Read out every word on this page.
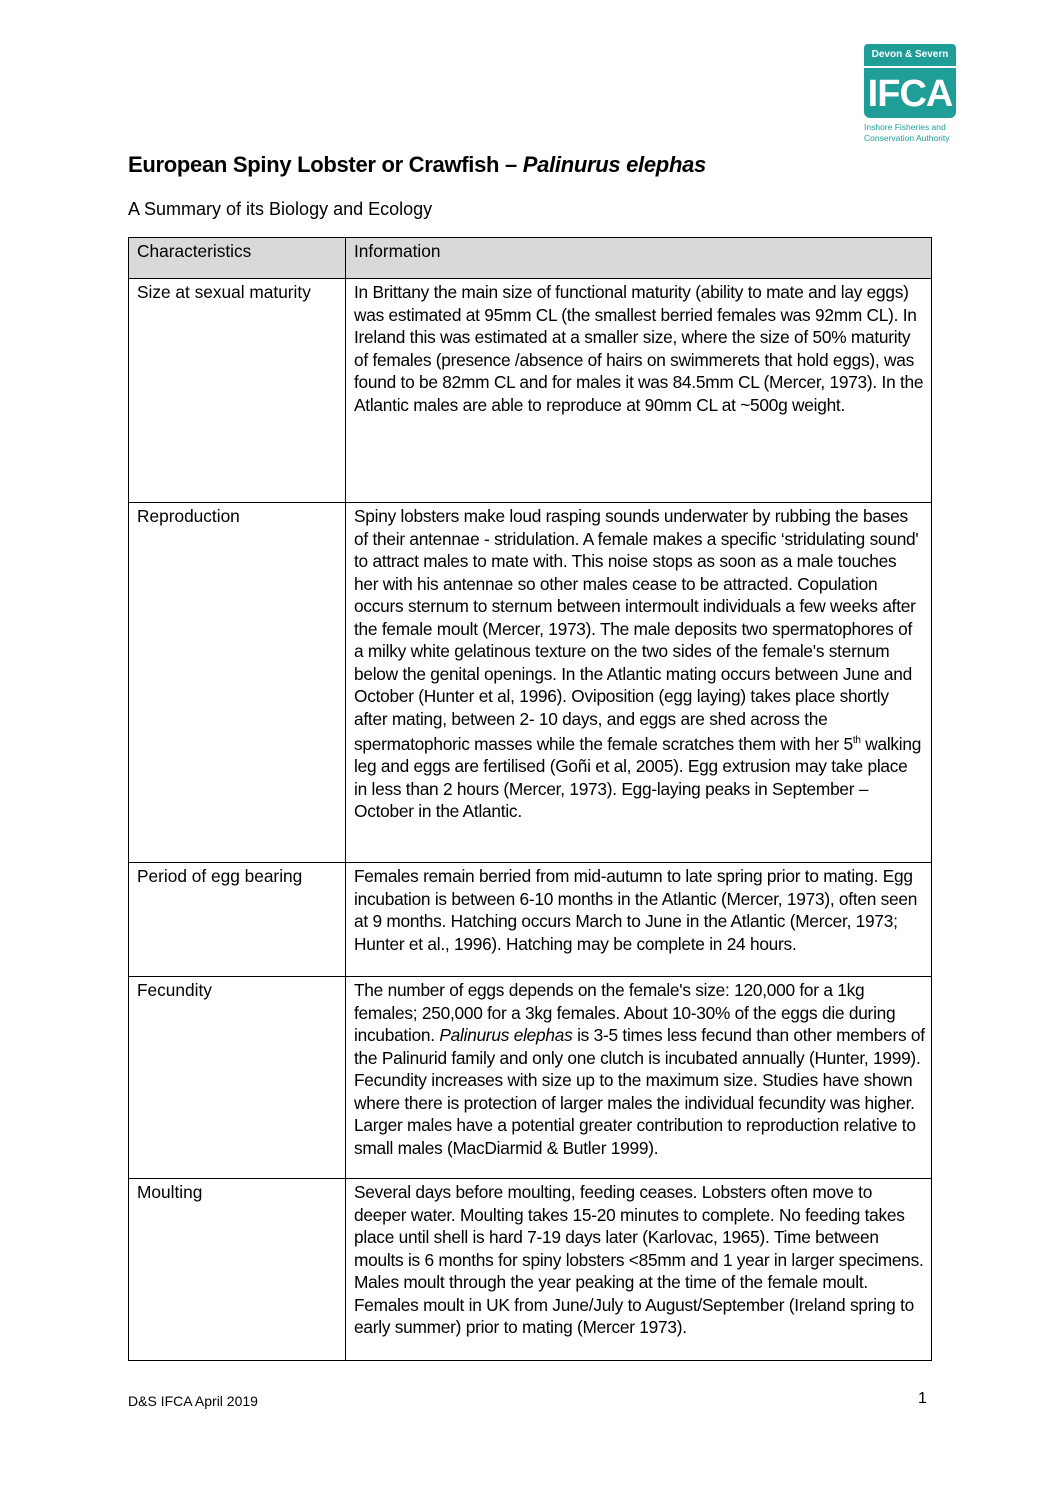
Devon & Severn
IFCA
Inshore Fisheries and
Conservation Authority
European Spiny Lobster or Crawfish – Palinurus elephas
A Summary of its Biology and Ecology
Characteristics	Information
Size at sexual maturity	In Brittany the main size of functional maturity (ability to mate and lay eggs) was estimated at 95mm CL (the smallest berried females was 92mm CL). In Ireland this was estimated at a smaller size, where the size of 50% maturity of females (presence /absence of hairs on swimmerets that hold eggs), was found to be 82mm CL and for males it was 84.5mm CL (Mercer, 1973). In the Atlantic males are able to reproduce at 90mm CL at ~500g weight.
Reproduction	Spiny lobsters make loud rasping sounds underwater by rubbing the bases of their antennae - stridulation. A female makes a specific ‘stridulating sound' to attract males to mate with. This noise stops as soon as a male touches her with his antennae so other males cease to be attracted. Copulation occurs sternum to sternum between intermoult individuals a few weeks after the female moult (Mercer, 1973). The male deposits two spermatophores of a milky white gelatinous texture on the two sides of the female's sternum below the genital openings. In the Atlantic mating occurs between June and October (Hunter et al, 1996). Oviposition (egg laying) takes place shortly after mating, between 2- 10 days, and eggs are shed across the spermatophoric masses while the female scratches them with her 5th walking leg and eggs are fertilised (Goñi et al, 2005). Egg extrusion may take place in less than 2 hours (Mercer, 1973). Egg-laying peaks in September – October in the Atlantic.
Period of egg bearing	Females remain berried from mid-autumn to late spring prior to mating. Egg incubation is between 6-10 months in the Atlantic (Mercer, 1973), often seen at 9 months. Hatching occurs March to June in the Atlantic (Mercer, 1973; Hunter et al., 1996). Hatching may be complete in 24 hours.
Fecundity	The number of eggs depends on the female's size: 120,000 for a 1kg females; 250,000 for a 3kg females. About 10-30% of the eggs die during incubation. Palinurus elephas is 3-5 times less fecund than other members of the Palinurid family and only one clutch is incubated annually (Hunter, 1999). Fecundity increases with size up to the maximum size. Studies have shown where there is protection of larger males the individual fecundity was higher. Larger males have a potential greater contribution to reproduction relative to small males (MacDiarmid & Butler 1999).
Moulting	Several days before moulting, feeding ceases. Lobsters often move to deeper water. Moulting takes 15-20 minutes to complete. No feeding takes place until shell is hard 7-19 days later (Karlovac, 1965). Time between moults is 6 months for spiny lobsters <85mm and 1 year in larger specimens.
Males moult through the year peaking at the time of the female moult. Females moult in UK from June/July to August/September (Ireland spring to early summer) prior to mating (Mercer 1973).
D&S IFCA April 2019	1
